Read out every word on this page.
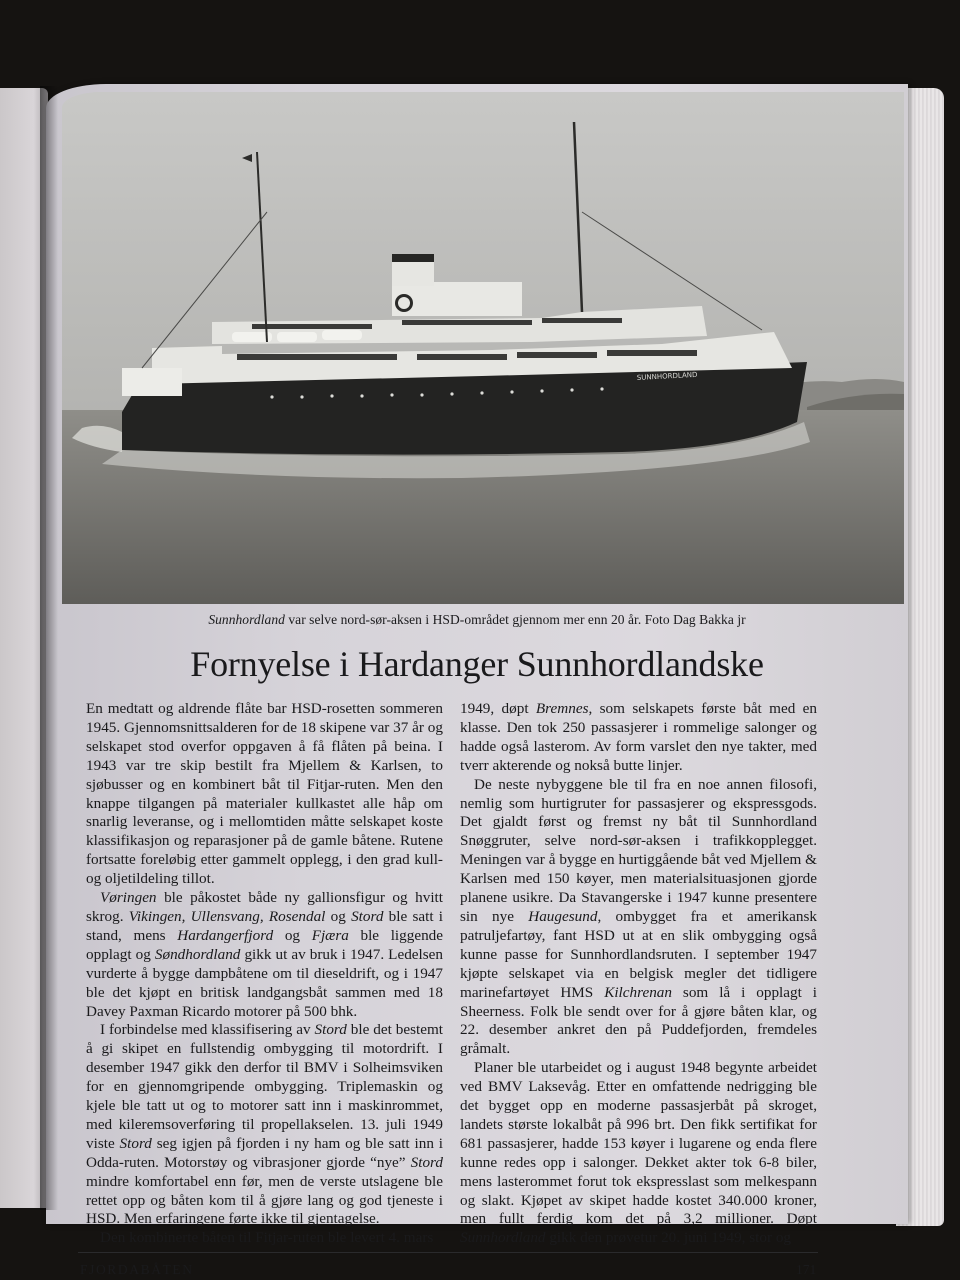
SUNNHORDLAND
Sunnhordland var selve nord-sør-aksen i HSD-området gjennom mer enn 20 år. Foto Dag Bakka jr
Fornyelse i Hardanger Sunnhordlandske

En medtatt og aldrende flåte bar HSD-rosetten sommeren 1945. Gjennomsnittsalderen for de 18 skipene var 37 år og selskapet stod overfor oppgaven å få flåten på beina. I 1943 var tre skip bestilt fra Mjellem & Karlsen, to sjøbusser og en kombinert båt til Fitjar-ruten. Men den knappe tilgangen på materialer kullkastet alle håp om snarlig leveranse, og i mellomtiden måtte selskapet koste klassifikasjon og reparasjoner på de gamle båtene. Rutene fortsatte foreløbig etter gammelt opplegg, i den grad kull- og oljetildeling tillot.

Vøringen ble påkostet både ny gallionsfigur og hvitt skrog. Vikingen, Ullensvang, Rosendal og Stord ble satt i stand, mens Hardangerfjord og Fjæra ble liggende opplagt og Søndhordland gikk ut av bruk i 1947. Ledelsen vurderte å bygge dampbåtene om til dieseldrift, og i 1947 ble det kjøpt en britisk landgangsbåt sammen med 18 Davey Paxman Ricardo motorer på 500 bhk.

I forbindelse med klassifisering av Stord ble det bestemt å gi skipet en fullstendig ombygging til motordrift. I desember 1947 gikk den derfor til BMV i Solheimsviken for en gjennomgripende ombygging. Triplemaskin og kjele ble tatt ut og to motorer satt inn i maskinrommet, med kileremsoverføring til propellakselen. 13. juli 1949 viste Stord seg igjen på fjorden i ny ham og ble satt inn i Odda-ruten. Motorstøy og vibrasjoner gjorde “nye” Stord mindre komfortabel enn før, men de verste utslagene ble rettet opp og båten kom til å gjøre lang og god tjeneste i HSD. Men erfaringene førte ikke til gjentagelse.

Den kombinerte båten til Fitjar-ruten ble levert 4. mars

1949, døpt Bremnes, som selskapets første båt med en klasse. Den tok 250 passasjerer i rommelige salonger og hadde også lasterom. Av form varslet den nye takter, med tverr akterende og nokså butte linjer.

De neste nybyggene ble til fra en noe annen filosofi, nemlig som hurtigruter for passasjerer og ekspressgods. Det gjaldt først og fremst ny båt til Sunnhordland Snøggruter, selve nord-sør-aksen i trafikkopplegget. Meningen var å bygge en hurtiggående båt ved Mjellem & Karlsen med 150 køyer, men materialsituasjonen gjorde planene usikre. Da Stavangerske i 1947 kunne presentere sin nye Haugesund, ombygget fra et amerikansk patruljefartøy, fant HSD ut at en slik ombygging også kunne passe for Sunnhordlandsruten. I september 1947 kjøpte selskapet via en belgisk megler det tidligere marinefartøyet HMS Kilchrenan som lå i opplagt i Sheerness. Folk ble sendt over for å gjøre båten klar, og 22. desember ankret den på Puddefjorden, fremdeles gråmalt.

Planer ble utarbeidet og i august 1948 begynte arbeidet ved BMV Laksevåg. Etter en omfattende nedrigging ble det bygget opp en moderne passasjerbåt på skroget, landets største lokalbåt på 996 brt. Den fikk sertifikat for 681 passasjerer, hadde 153 køyer i lugarene og enda flere kunne redes opp i salonger. Dekket akter tok 6-8 biler, mens lasterommet forut tok ekspresslast som melkespann og slakt. Kjøpet av skipet hadde kostet 340.000 kroner, men fullt ferdig kom det på 3,2 millioner. Døpt Sunnhordland gikk den prøvetur 20. juni 1949, stor og

FJORDABÅTEN	171
